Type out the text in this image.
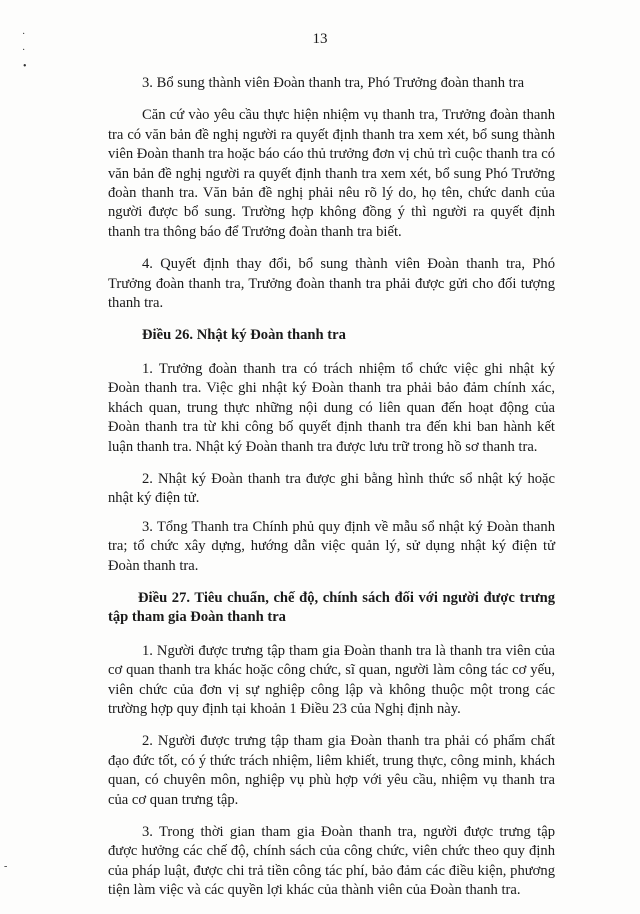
·
·
•
-
13

3. Bổ sung thành viên Đoàn thanh tra, Phó Trưởng đoàn thanh tra

Căn cứ vào yêu cầu thực hiện nhiệm vụ thanh tra, Trưởng đoàn thanh tra có văn bản đề nghị người ra quyết định thanh tra xem xét, bổ sung thành viên Đoàn thanh tra hoặc báo cáo thủ trưởng đơn vị chủ trì cuộc thanh tra có văn bản đề nghị người ra quyết định thanh tra xem xét, bổ sung Phó Trưởng đoàn thanh tra. Văn bản đề nghị phải nêu rõ lý do, họ tên, chức danh của người được bổ sung. Trường hợp không đồng ý thì người ra quyết định thanh tra thông báo để Trưởng đoàn thanh tra biết.

4. Quyết định thay đổi, bổ sung thành viên Đoàn thanh tra, Phó Trưởng đoàn thanh tra, Trưởng đoàn thanh tra phải được gửi cho đối tượng thanh tra.

Điều 26. Nhật ký Đoàn thanh tra

1. Trưởng đoàn thanh tra có trách nhiệm tổ chức việc ghi nhật ký Đoàn thanh tra. Việc ghi nhật ký Đoàn thanh tra phải bảo đảm chính xác, khách quan, trung thực những nội dung có liên quan đến hoạt động của Đoàn thanh tra từ khi công bố quyết định thanh tra đến khi ban hành kết luận thanh tra. Nhật ký Đoàn thanh tra được lưu trữ trong hồ sơ thanh tra.

2. Nhật ký Đoàn thanh tra được ghi bằng hình thức sổ nhật ký hoặc nhật ký điện tử.

3. Tổng Thanh tra Chính phủ quy định về mẫu sổ nhật ký Đoàn thanh tra; tổ chức xây dựng, hướng dẫn việc quản lý, sử dụng nhật ký điện tử Đoàn thanh tra.

Điều 27. Tiêu chuẩn, chế độ, chính sách đối với người được trưng tập tham gia Đoàn thanh tra

1. Người được trưng tập tham gia Đoàn thanh tra là thanh tra viên của cơ quan thanh tra khác hoặc công chức, sĩ quan, người làm công tác cơ yếu, viên chức của đơn vị sự nghiệp công lập và không thuộc một trong các trường hợp quy định tại khoản 1 Điều 23 của Nghị định này.

2. Người được trưng tập tham gia Đoàn thanh tra phải có phẩm chất đạo đức tốt, có ý thức trách nhiệm, liêm khiết, trung thực, công minh, khách quan, có chuyên môn, nghiệp vụ phù hợp với yêu cầu, nhiệm vụ thanh tra của cơ quan trưng tập.

3. Trong thời gian tham gia Đoàn thanh tra, người được trưng tập được hưởng các chế độ, chính sách của công chức, viên chức theo quy định của pháp luật, được chi trả tiền công tác phí, bảo đảm các điều kiện, phương tiện làm việc và các quyền lợi khác của thành viên của Đoàn thanh tra.
